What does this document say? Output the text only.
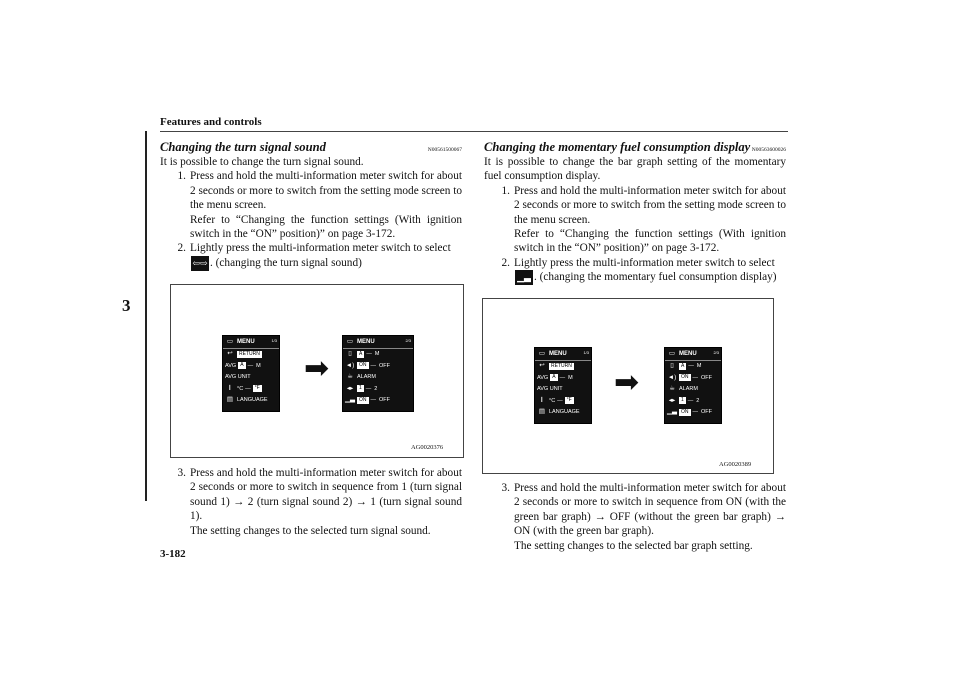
Features and controls
3
3-182
Changing the turn signal sound	N00561500067

It is possible to change the turn signal sound.

1. Press and hold the multi-information meter switch for about 2 seconds or more to switch from the setting mode screen to the menu screen.
Refer to “Changing the function settings (With ignition switch in the “ON” position)” on page 3-172.
2. Lightly press the multi-information meter switch to select
⇦⇨ . (changing the turn signal sound)
AG0020376
3. Press and hold the multi-information meter switch for about 2 seconds or more to switch in sequence from 1 (turn signal sound 1) → 2 (turn signal sound 2) → 1 (turn signal sound 1).
The setting changes to the selected turn signal sound.
Changing the momentary fuel consumption display N00563600026

It is possible to change the bar graph setting of the momentary fuel consumption display.

1. Press and hold the multi-information meter switch for about 2 seconds or more to switch from the setting mode screen to the menu screen.
Refer to “Changing the function settings (With ignition switch in the “ON” position)” on page 3-172.
2. Lightly press the multi-information meter switch to select
▁▃ . (changing the momentary fuel consumption display)
AG0020389
3. Press and hold the multi-information meter switch for about 2 seconds or more to switch in sequence from ON (with the green bar graph) → OFF (without the green bar graph) → ON (with the green bar graph).
The setting changes to the selected bar graph setting.
▭ MENU	1/3
↩	RETURN
AVG A — M
AVG UNIT
𝄃	°C — °F
▤ LANGUAGE
➡
▭ MENU	2/3
▯	A — M
◄) ON — OFF
☕ ALARM
◂▸	1 — 2
▁▃ ON — OFF
▭ MENU	1/3
↩	RETURN
AVG A — M
AVG UNIT
𝄃	°C — °F
▤ LANGUAGE
➡
▭ MENU	2/3
▯	A — M
◄) ON — OFF
☕ ALARM
◂▸	1 — 2
▁▃ ON — OFF
